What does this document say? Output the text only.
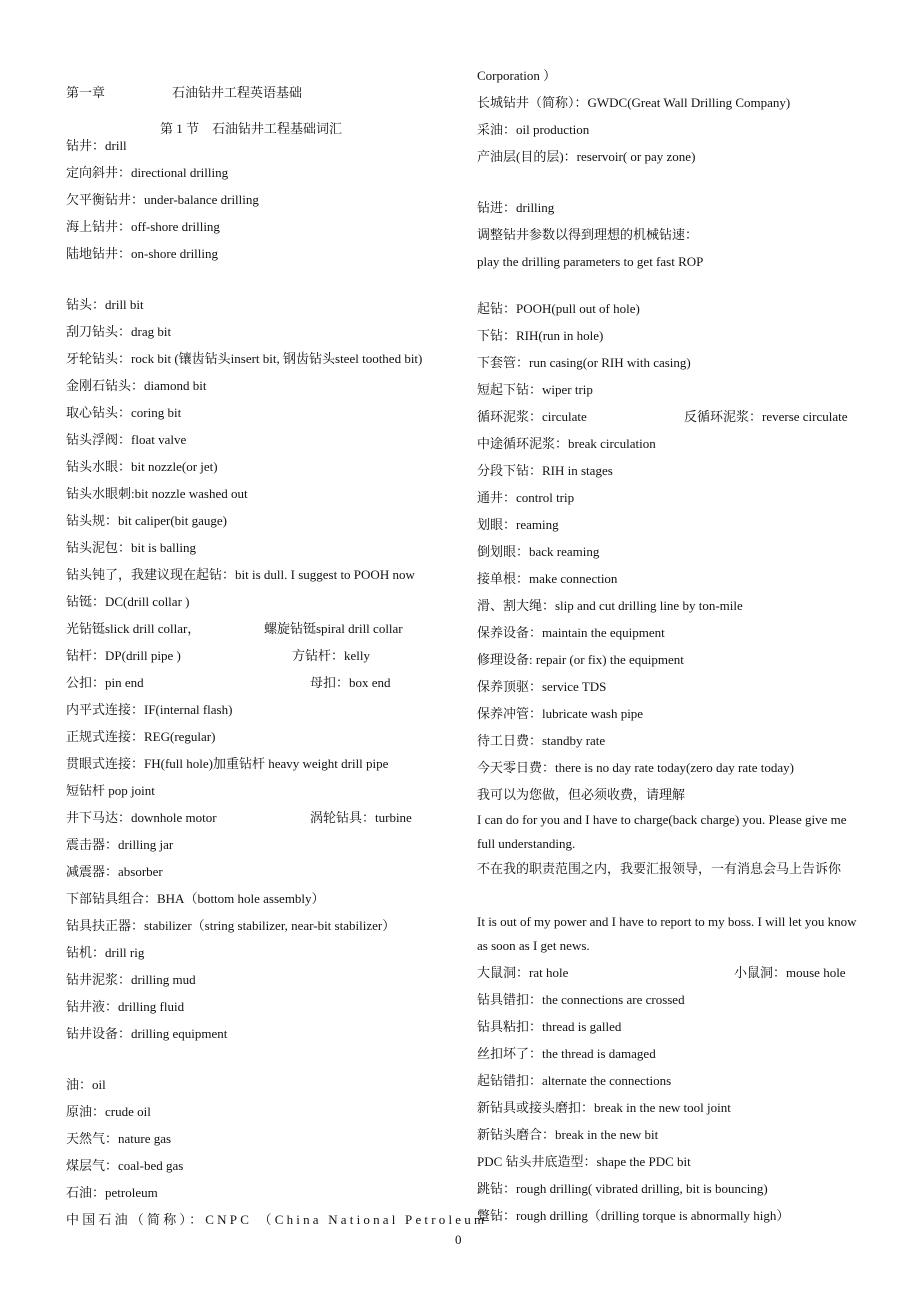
第一章	石油钻井工程英语基础
第 1 节　石油钻井工程基础词汇
钻井：drill
定向斜井：directional drilling
欠平衡钻井：under-balance drilling
海上钻井：off-shore drilling
陆地钻井：on-shore drilling
钻头：drill bit
刮刀钻头：drag bit
牙轮钻头：rock bit (镶齿钻头insert bit, 钢齿钻头steel toothed bit)
金刚石钻头：diamond bit
取心钻头：coring bit
钻头浮阀：float valve
钻头水眼：bit nozzle(or jet)
钻头水眼刺:bit nozzle washed out
钻头规：bit caliper(bit gauge)
钻头泥包：bit is balling
钻头钝了，我建议现在起钻：bit is dull. I suggest to POOH now
钻铤：DC(drill collar )
光钻铤slick drill collar，	螺旋钻铤spiral drill collar
钻杆：DP(drill pipe )	方钻杆：kelly
公扣：pin end	母扣：box end
内平式连接：IF(internal flash)
正规式连接：REG(regular)
贯眼式连接：FH(full hole)加重钻杆 heavy weight drill pipe
短钻杆 pop joint
井下马达：downhole motor	涡轮钻具：turbine
震击器：drilling jar
减震器：absorber
下部钻具组合：BHA（bottom hole assembly）
钻具扶正器：stabilizer（string stabilizer, near-bit stabilizer）
钻机：drill rig
钻井泥浆：drilling mud
钻井液：drilling fluid
钻井设备：drilling equipment
油：oil
原油：crude oil
天然气：nature gas
煤层气：coal-bed gas
石油：petroleum
中国石油（简称）：CNPC （China National Petroleum
Corporation ）
长城钻井（简称）：GWDC(Great Wall Drilling Company)
采油：oil production
产油层(目的层)：reservoir( or pay zone)
钻进：drilling
调整钻井参数以得到理想的机械钻速：
play the drilling parameters to get fast ROP
起钻：POOH(pull out of hole)
下钻：RIH(run in hole)
下套管：run casing(or RIH with casing)
短起下钻：wiper trip
循环泥浆：circulate	反循环泥浆：reverse circulate
中途循环泥浆：break circulation
分段下钻：RIH in stages
通井：control trip
划眼：reaming
倒划眼：back reaming
接单根：make connection
滑、割大绳：slip and cut drilling line by ton-mile
保养设备：maintain the equipment
修理设备: repair (or fix) the equipment
保养顶驱：service TDS
保养冲管：lubricate wash pipe
待工日费：standby rate
今天零日费：there is no day rate today(zero day rate today)
我可以为您做，但必须收费，请理解
I can do for you and I have to charge(back charge) you. Please give me full understanding.
不在我的职责范围之内，我要汇报领导，一有消息会马上告诉你
It is out of my power and I have to report to my boss. I will let you know as soon as I get news.
大鼠洞：rat hole	小鼠洞：mouse hole
钻具错扣：the connections are crossed
钻具粘扣：thread is galled
丝扣坏了：the thread is damaged
起钻错扣：alternate the connections
新钻具或接头磨扣：break in the new tool joint
新钻头磨合：break in the new bit
PDC 钻头井底造型：shape the PDC bit
跳钻：rough drilling( vibrated drilling, bit is bouncing)
蹩钻：rough drilling（drilling torque is abnormally high）
0
